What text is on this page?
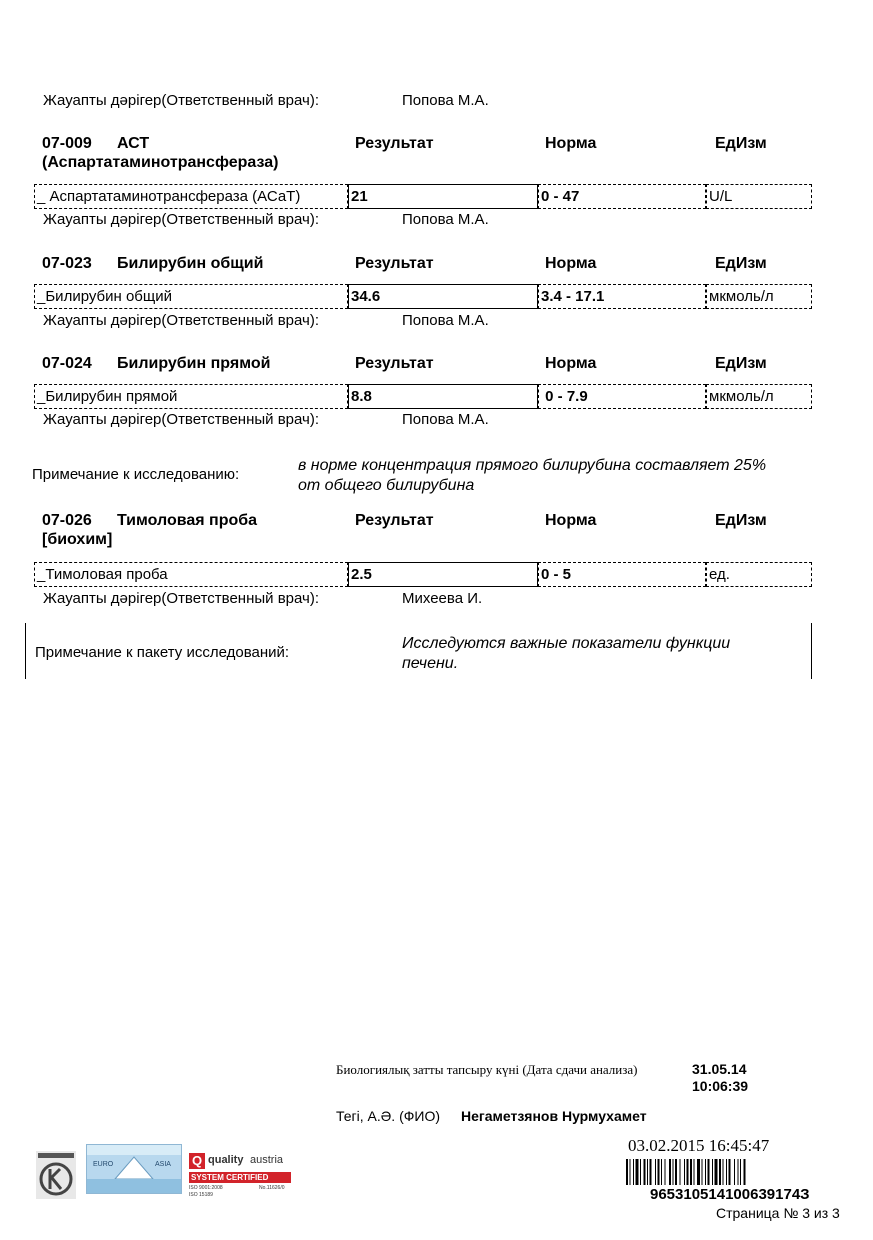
Жауапты дәрігер(Ответственный врач):	Попова М.А.
07-009 АСТ
(Аспартатаминотрансфераза)
Результат	Норма	ЕдИзм
_ Аспартатаминотрансфераза (АСаТ)	21	0 - 47	U/L
Жауапты дәрігер(Ответственный врач):	Попова М.А.
07-023 Билирубин общий	Результат	Норма	ЕдИзм
_Билирубин общий	34.6	3.4 - 17.1	мкмоль/л
Жауапты дәрігер(Ответственный врач):	Попова М.А.
07-024 Билирубин прямой	Результат	Норма	ЕдИзм
_Билирубин прямой	8.8	0 - 7.9	мкмоль/л
Жауапты дәрігер(Ответственный врач):	Попова М.А.
Примечание к исследованию:
в норме концентрация прямого билирубина составляет 25%
от общего билирубина
07-026 Тимоловая проба
[биохим]
Результат	Норма	ЕдИзм
_Тимоловая проба	2.5	0 - 5	ед.
Жауапты дәрігер(Ответственный врач):	Михеева И.
Примечание к пакету исследований:
Исследуются важные показатели функции
печени.
Биологиялық затты тапсыру күні (Дата сдачи анализа)	31.05.14
10:06:39
Тегі, А.Ә. (ФИО) Негаметзянов Нурмухамет
EURO	ASIA Q quality austria
SYSTEM CERTIFIED
ISO 9001:2008	No.11626/0
ISO 15189
03.02.2015 16:45:47
965310514100639174З
Страница № 3 из 3
